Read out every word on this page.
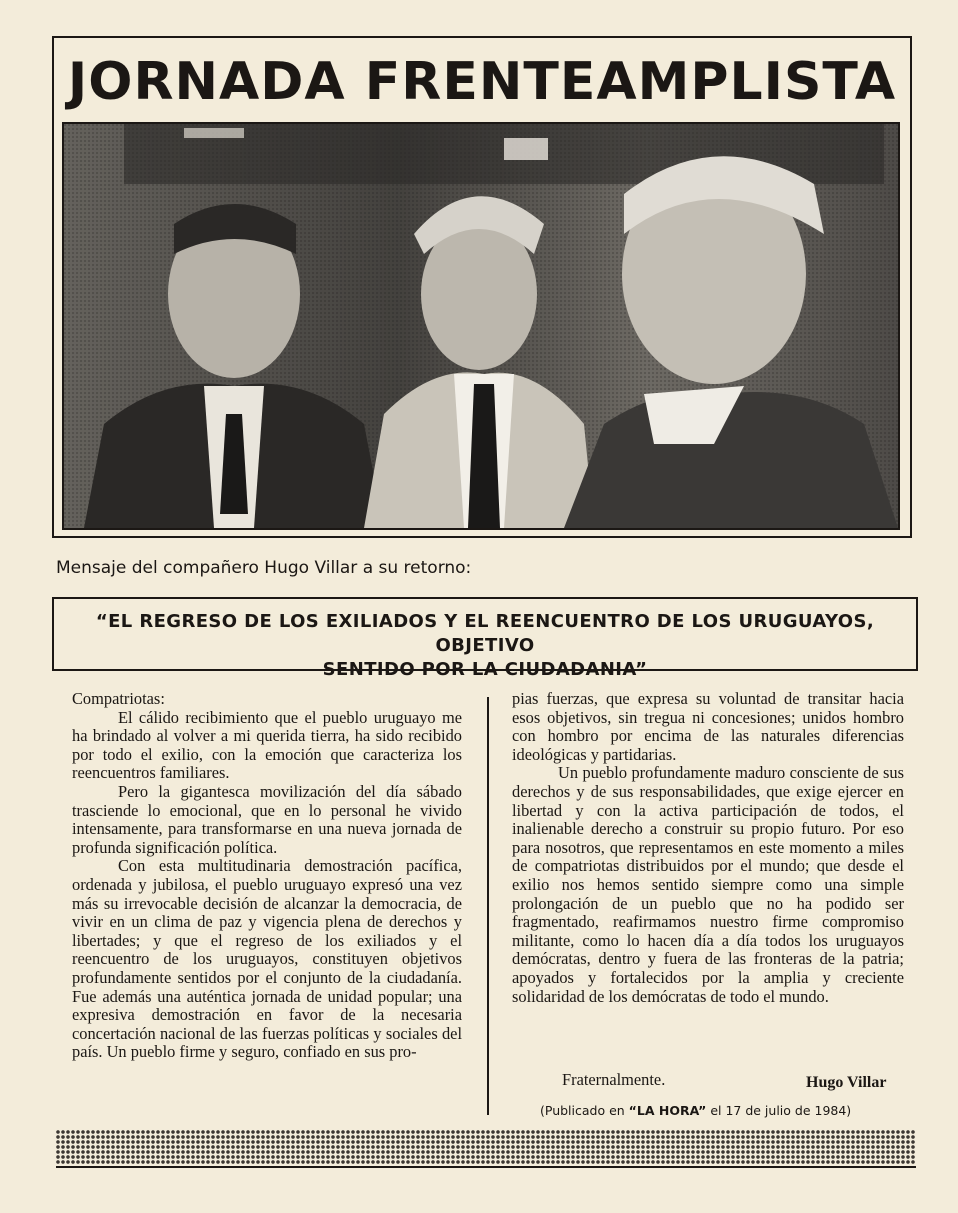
JORNADA FRENTEAMPLISTA
Mensaje del compañero Hugo Villar a su retorno:
“EL REGRESO DE LOS EXILIADOS Y EL REENCUENTRO DE LOS URUGUAYOS, OBJETIVO
SENTIDO POR LA CIUDADANIA”

Compatriotas:

El cálido recibimiento que el pueblo uruguayo me ha brindado al volver a mi querida tierra, ha sido recibido por todo el exilio, con la emoción que caracteriza los reencuentros familiares.

Pero la gigantesca movilización del día sábado trasciende lo emocional, que en lo personal he vivido intensamente, para transformarse en una nueva jornada de profunda significación política.

Con esta multitudinaria demostración pacífica, ordenada y jubilosa, el pueblo uruguayo expresó una vez más su irrevocable decisión de alcanzar la democracia, de vivir en un clima de paz y vigencia plena de derechos y libertades; y que el regreso de los exiliados y el reencuentro de los uruguayos, constituyen objetivos profundamente sentidos por el conjunto de la ciudadanía. Fue además una auténtica jornada de unidad popular; una expresiva demostración en favor de la necesaria concertación nacional de las fuerzas políticas y sociales del país. Un pueblo firme y seguro, confiado en sus pro-

pias fuerzas, que expresa su voluntad de transitar hacia esos objetivos, sin tregua ni concesiones; unidos hombro con hombro por encima de las naturales diferencias ideológicas y partidarias.

Un pueblo profundamente maduro consciente de sus derechos y de sus responsabilidades, que exige ejercer en libertad y con la activa participación de todos, el inalienable derecho a construir su propio futuro. Por eso para nosotros, que representamos en este momento a miles de compatriotas distribuidos por el mundo; que desde el exilio nos hemos sentido siempre como una simple prolongación de un pueblo que no ha podido ser fragmentado, reafirmamos nuestro firme compromiso militante, como lo hacen día a día todos los uruguayos demócratas, dentro y fuera de las fronteras de la patria; apoyados y fortalecidos por la amplia y creciente solidaridad de los demócratas de todo el mundo.

Fraternalmente.	Hugo Villar
(Publicado en “LA HORA” el 17 de julio de 1984)
